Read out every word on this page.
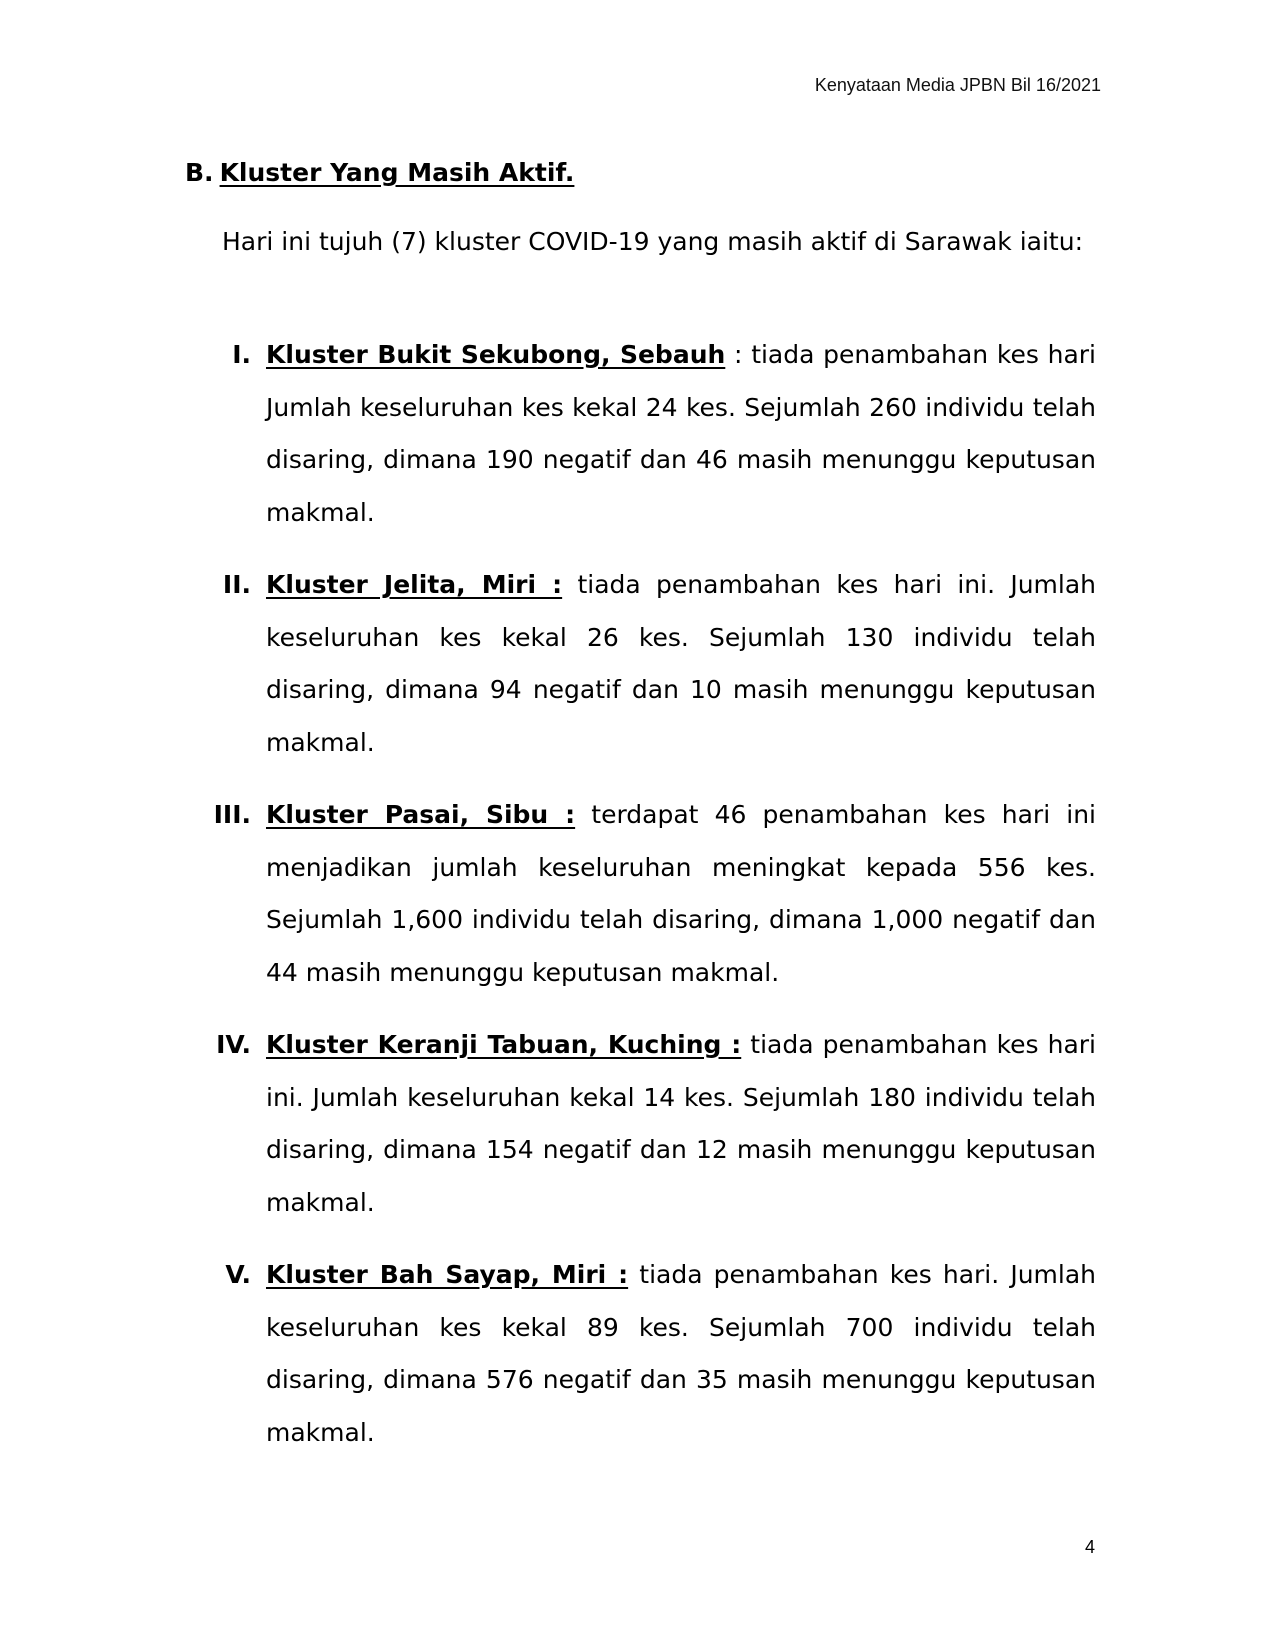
Kenyataan Media JPBN Bil 16/2021
B. Kluster Yang Masih Aktif.
Hari ini tujuh (7) kluster COVID-19 yang masih aktif di Sarawak iaitu:
I. Kluster Bukit Sekubong, Sebauh : tiada penambahan kes hari Jumlah keseluruhan kes kekal 24 kes. Sejumlah 260 individu telah disaring, dimana 190 negatif dan 46 masih menunggu keputusan makmal.
II. Kluster Jelita, Miri : tiada penambahan kes hari ini. Jumlah keseluruhan kes kekal 26 kes. Sejumlah 130 individu telah disaring, dimana 94 negatif dan 10 masih menunggu keputusan makmal.
III. Kluster Pasai, Sibu : terdapat 46 penambahan kes hari ini menjadikan jumlah keseluruhan meningkat kepada 556 kes. Sejumlah 1,600 individu telah disaring, dimana 1,000 negatif dan 44 masih menunggu keputusan makmal.
IV. Kluster Keranji Tabuan, Kuching : tiada penambahan kes hari ini. Jumlah keseluruhan kekal 14 kes. Sejumlah 180 individu telah disaring, dimana 154 negatif dan 12 masih menunggu keputusan makmal.
V. Kluster Bah Sayap, Miri : tiada penambahan kes hari. Jumlah keseluruhan kes kekal 89 kes. Sejumlah 700 individu telah disaring, dimana 576 negatif dan 35 masih menunggu keputusan makmal.
4
